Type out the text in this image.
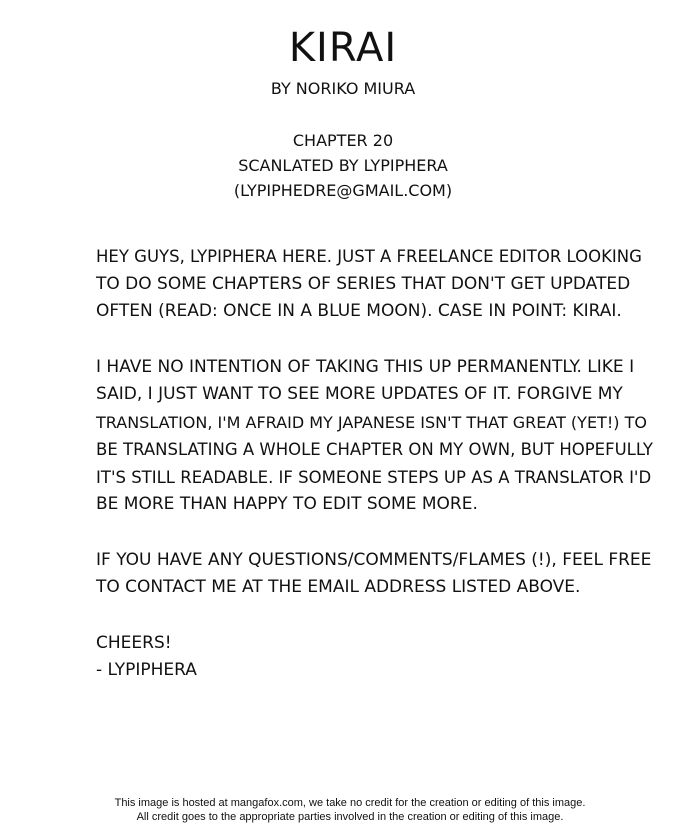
KIRAI
BY NORIKO MIURA
CHAPTER 20
SCANLATED BY LYPIPHERA
(LYPIPHEDRE@GMAIL.COM)
HEY GUYS, LYPIPHERA HERE. JUST A FREELANCE EDITOR LOOKING
TO DO SOME CHAPTERS OF SERIES THAT DON'T GET UPDATED
OFTEN (READ: ONCE IN A BLUE MOON). CASE IN POINT: KIRAI.
I HAVE NO INTENTION OF TAKING THIS UP PERMANENTLY. LIKE I
SAID, I JUST WANT TO SEE MORE UPDATES OF IT. FORGIVE MY
TRANSLATION, I'M AFRAID MY JAPANESE ISN'T THAT GREAT (YET!) TO
BE TRANSLATING A WHOLE CHAPTER ON MY OWN, BUT HOPEFULLY
IT'S STILL READABLE. IF SOMEONE STEPS UP AS A TRANSLATOR I'D
BE MORE THAN HAPPY TO EDIT SOME MORE.
IF YOU HAVE ANY QUESTIONS/COMMENTS/FLAMES (!), FEEL FREE
TO CONTACT ME AT THE EMAIL ADDRESS LISTED ABOVE.
CHEERS!
- LYPIPHERA
This image is hosted at mangafox.com, we take no credit for the creation or editing of this image.
All credit goes to the appropriate parties involved in the creation or editing of this image.
